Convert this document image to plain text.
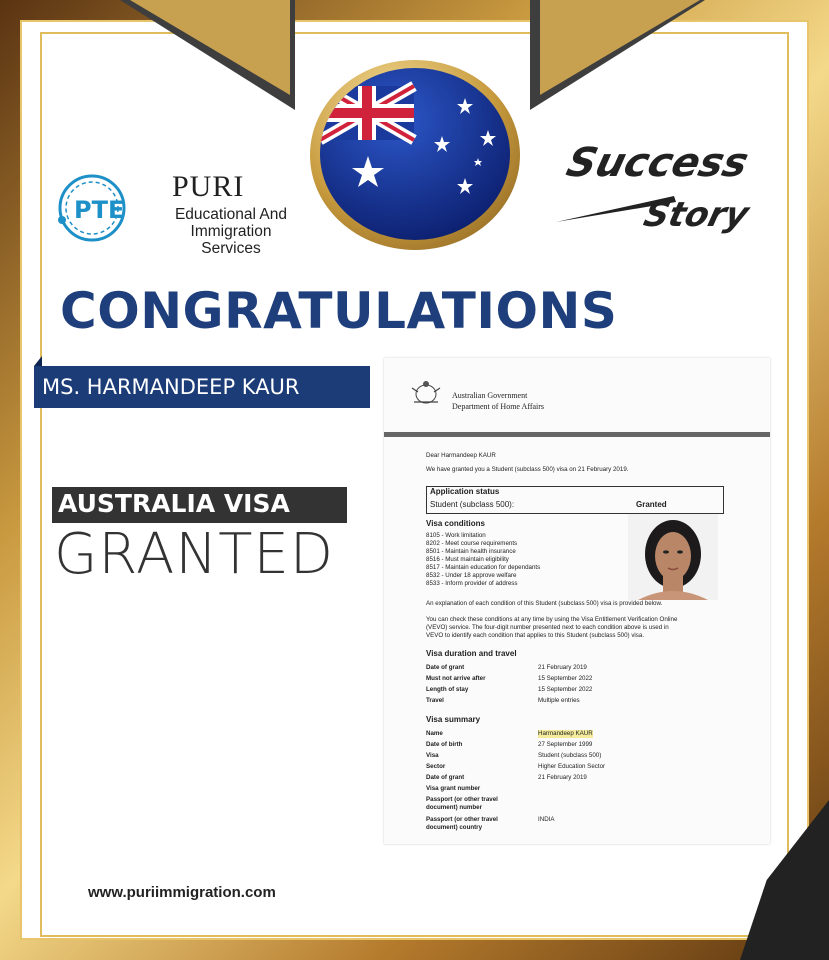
PTE
PURI
Educational And Immigration
Services
Success
Story
CONGRATULATIONS
MS. HARMANDEEP KAUR
AUSTRALIA VISA
GRANTED
Australian Government
Department of Home Affairs
Dear Harmandeep KAUR
We have granted you a Student (subclass 500) visa on 21 February 2019.
Application status
Student (subclass 500):	Granted
Visa conditions
8105 - Work limitation
8202 - Meet course requirements
8501 - Maintain health insurance
8516 - Must maintain eligibility
8517 - Maintain education for dependants
8532 - Under 18 approve welfare
8533 - Inform provider of address
An explanation of each condition of this Student (subclass 500) visa is provided below.
You can check these conditions at any time by using the Visa Entitlement Verification Online
(VEVO) service. The four-digit number presented next to each condition above is used in
VEVO to identify each condition that applies to this Student (subclass 500) visa.
Visa duration and travel
Date of grant	21 February 2019
Must not arrive after	15 September 2022
Length of stay	15 September 2022
Travel	Multiple entries
Visa summary
Name	Harmandeep KAUR
Date of birth	27 September 1999
Visa	Student (subclass 500)
Sector	Higher Education Sector
Date of grant	21 February 2019
Visa grant number
Passport (or other travel
document) number
Passport (or other travel	INDIA
document) country
www.puriimmigration.com
